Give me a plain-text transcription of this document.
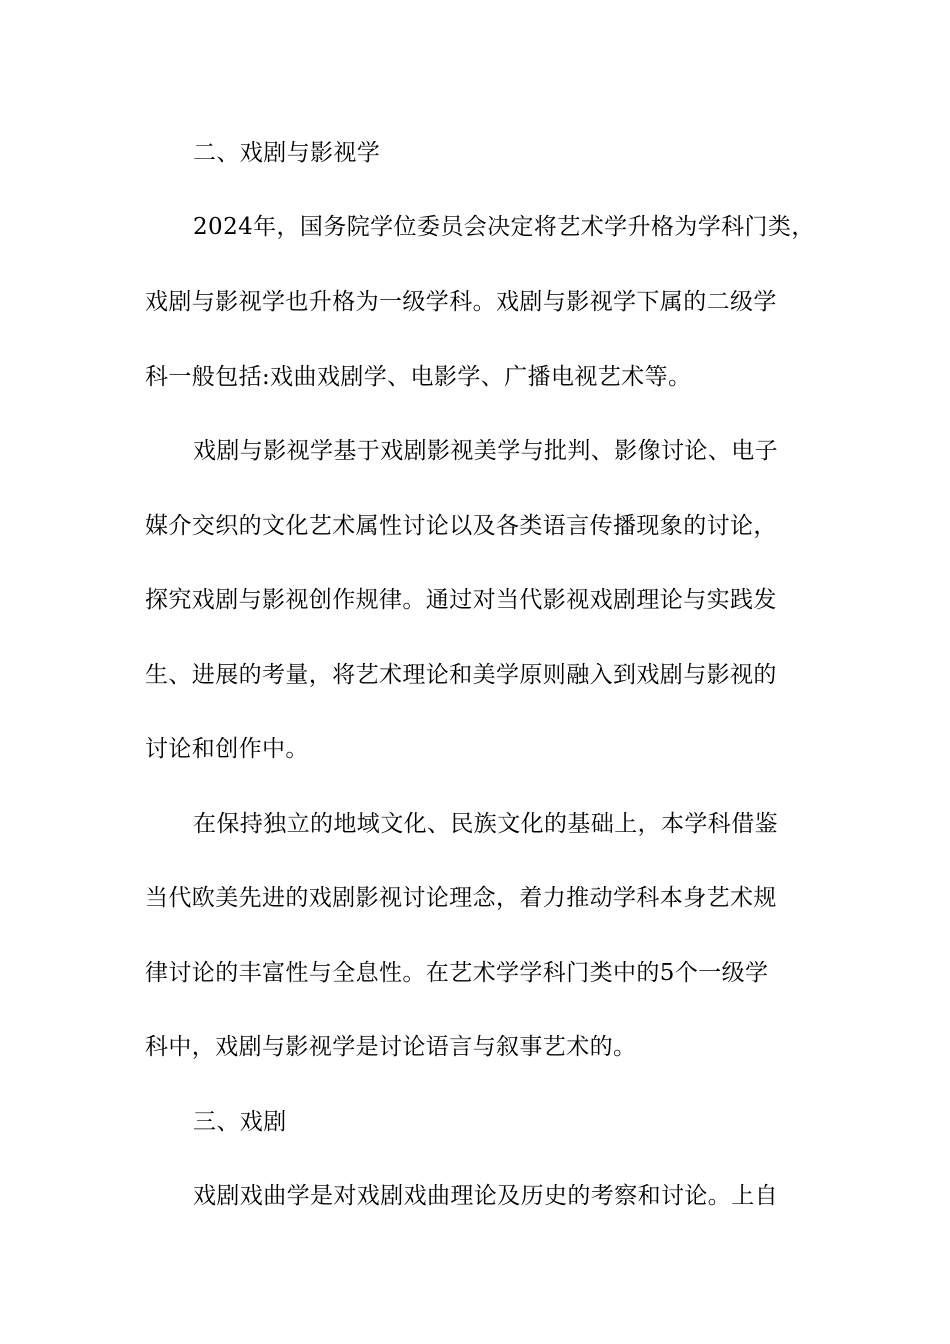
二、戏剧与影视学
2024年，国务院学位委员会决定将艺术学升格为学科门类，
戏剧与影视学也升格为一级学科。戏剧与影视学下属的二级学
科一般包括:戏曲戏剧学、电影学、广播电视艺术等。
戏剧与影视学基于戏剧影视美学与批判、影像讨论、电子
媒介交织的文化艺术属性讨论以及各类语言传播现象的讨论，
探究戏剧与影视创作规律。通过对当代影视戏剧理论与实践发
生、进展的考量，将艺术理论和美学原则融入到戏剧与影视的
讨论和创作中。
在保持独立的地域文化、民族文化的基础上，本学科借鉴
当代欧美先进的戏剧影视讨论理念，着力推动学科本身艺术规
律讨论的丰富性与全息性。在艺术学学科门类中的5个一级学
科中，戏剧与影视学是讨论语言与叙事艺术的。
三、戏剧
戏剧戏曲学是对戏剧戏曲理论及历史的考察和讨论。上自
